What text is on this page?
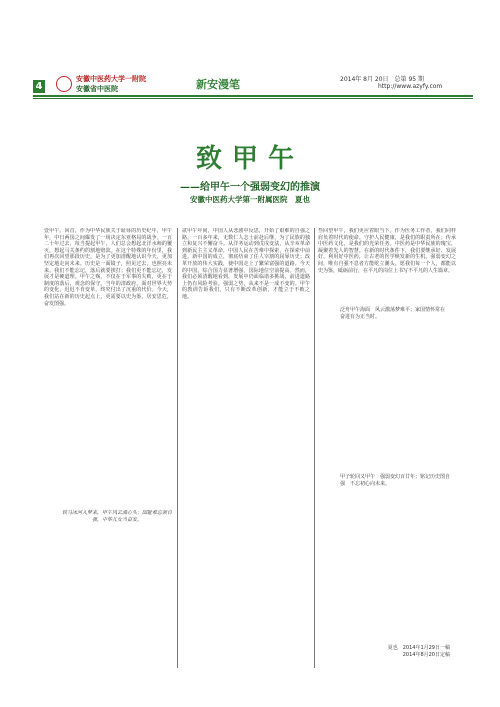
4
安徽中医药大学一附院
安徽省中医院	新安漫笔	2014年 8月 20日　总第 95 期
http://www.azyfy.com
致甲午
——给甲午一个强弱变幻的推演
安徽中医药大学第一附属医院　夏也
壹甲午。回首，作为中华民族关于耻辱的历史纪年，甲午年，中日两国之间爆发了一场决定东亚格局的战争。一百二十年过去，每当提起甲午，人们总会想起北洋水师的覆灭，想起马关条约的割地赔款。在这个特殊的年份里，我们再次回望那段历史，是为了更加清醒地认识今天，更加坚定地走向未来。历史是一面镜子，照见过去，也照亮未来。我们不能忘记，落后就要挨打；我们更不能忘记，发展才是硬道理。甲午之殇，不仅在于军事的失败，更在于制度的落后、观念的保守。当年的清政府，面对世界大势的变化，迟迟不肯变革，终究付出了沉重的代价。今天，我们站在新的历史起点上，更需要以史为鉴，居安思危，奋发图强。
铁马冰河入梦来，甲午风云涌心头；国耻难忘须自强，中华儿女当奋发。
贰甲午年间，中国人从悲剧中反思，开始了艰难的自强之路。一百多年来，无数仁人志士前赴后继，为了民族的独立和复兴不懈奋斗。从洋务运动到戊戌变法，从辛亥革命到新民主主义革命，中国人民在苦难中探索，在探索中前进。新中国的成立，彻底结束了任人宰割的屈辱历史；改革开放的伟大实践，使中国走上了繁荣富强的道路。今天的中国，综合国力显著增强，国际地位空前提高。然而，我们必须清醒地看到，发展中仍面临诸多挑战，前进道路上仍有风险考验。强弱之势，从来不是一成不变的。甲午的教训告诉我们，只有不断改革创新，才能立于不败之地。
叁回望甲午，我们更应着眼当下。作为医务工作者，我们同样肩负着时代的使命。守护人民健康，是我们的职责所在；传承中医药文化，是我们的光荣任务。中医药是中华民族的瑰宝，凝聚着先人的智慧。在新的时代条件下，我们要继承好、发展好、利用好中医药，让古老的医学焕发新的生机。强弱变幻之间，唯有自强不息者方能屹立潮头。愿我们每一个人，都能以史为鉴，砥砺前行，在平凡的岗位上书写不平凡的人生篇章。
泛舟甲午海面　风云激荡梦难平；家国情怀常在　奋进有为正当时。
甲子轮回又甲午　强弱变幻百廿年；铭记历史图自强　不忘初心向未来。
夏也　2014年1月29日一稿　2014年8月20日定稿
